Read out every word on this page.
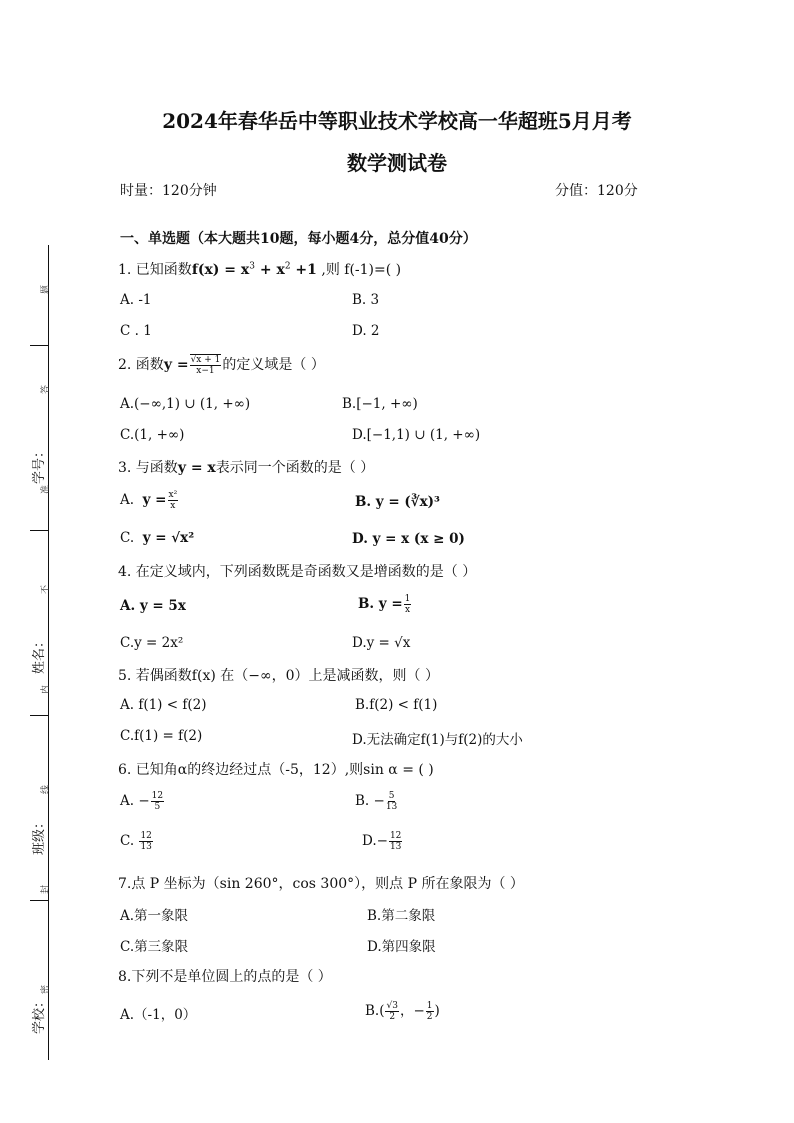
学号：
姓名：
班级：
学校：
题
答
准
不
内
线
封
密
2024年春华岳中等职业技术学校高一华超班5月月考
数学测试卷
时量：120分钟	分值：120分
一、单选题（本大题共10题，每小题4分，总分值40分）
1. 已知函数$f(x) = x^3 + x^2 +1$ ,则 f(-1)=( )
A. -1	B. 3
C . 1	D. 2
2. 函数$y = \frac{√x + 1}{x-1}$ 的定义域是（ ）
A.(−∞,1) ∪ (1, +∞)	B.[−1, +∞)
C.(1, +∞)	D.[−1,1) ∪ (1, +∞)
3. 与函数y = x表示同一个函数的是（ ）
A. $y = \frac{\text{x²}}{x}$	B. y = (∛x)³
C. y = √x²	D. y = x (x ≥ 0)
4. 在定义域内，下列函数既是奇函数又是增函数的是（ ）
A. y = 5x	B. $y = \frac{1}{x}$
C.y = 2x²	D.y = √x
5. 若偶函数f(x) 在（−∞，0）上是减函数，则（ ）
A. f(1) < f(2)	B.f(2) < f(1)
C.f(1) = f(2)	D.无法确定f(1)与f(2)的大小
6. 已知角α的终边经过点（-5，12）,则sin α = ( )
A. − $\frac{12}{5}$	B. − $\frac{5}{13}$
C. $\frac{12}{13}$	$D.- \frac{12}{13}$
7.点 P 坐标为（sin 260°，cos 300°），则点 P 所在象限为（ ）
A.第一象限	B.第二象限
C.第三象限	D.第四象限
8.下列不是单位圆上的点的是（ ）
A.（-1，0）	$B.( \frac{√3}{2}$ ，− $\frac{1}{2}$ )
